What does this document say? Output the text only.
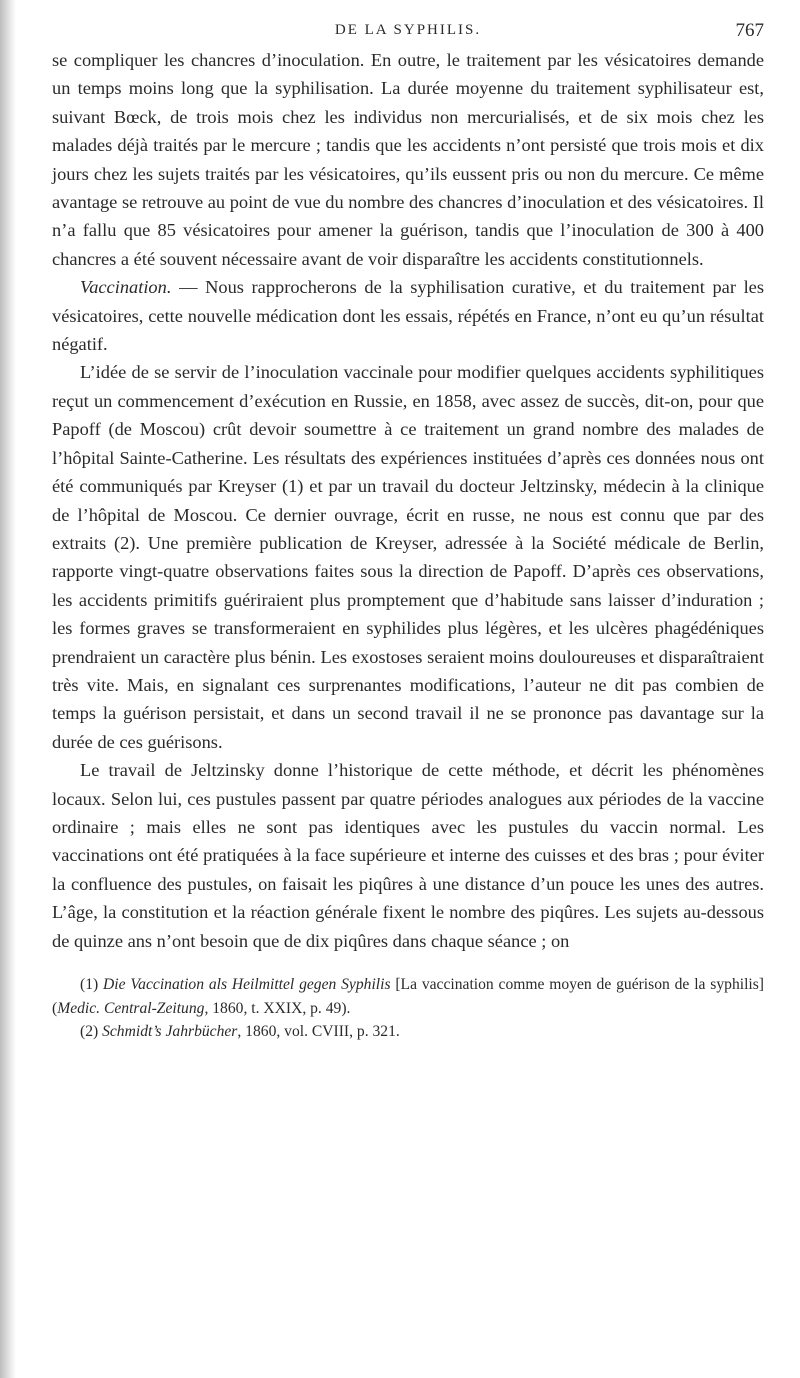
DE LA SYPHILIS.	767

se compliquer les chancres d’inoculation. En outre, le traitement par les vésicatoires demande un temps moins long que la syphilisation. La durée moyenne du traitement syphilisateur est, suivant Bœck, de trois mois chez les individus non mercurialisés, et de six mois chez les malades déjà traités par le mercure ; tandis que les accidents n’ont persisté que trois mois et dix jours chez les sujets traités par les vésicatoires, qu’ils eussent pris ou non du mercure. Ce même avantage se retrouve au point de vue du nombre des chancres d’inoculation et des vésicatoires. Il n’a fallu que 85 vésicatoires pour amener la guérison, tandis que l’inoculation de 300 à 400 chancres a été souvent nécessaire avant de voir disparaître les accidents constitutionnels.

Vaccination. — Nous rapprocherons de la syphilisation curative, et du traitement par les vésicatoires, cette nouvelle médication dont les essais, répétés en France, n’ont eu qu’un résultat négatif.

L’idée de se servir de l’inoculation vaccinale pour modifier quelques accidents syphilitiques reçut un commencement d’exécution en Russie, en 1858, avec assez de succès, dit-on, pour que Papoff (de Moscou) crût devoir soumettre à ce traitement un grand nombre des malades de l’hôpital Sainte-Catherine. Les résultats des expériences instituées d’après ces données nous ont été communiqués par Kreyser (1) et par un travail du docteur Jeltzinsky, médecin à la clinique de l’hôpital de Moscou. Ce dernier ouvrage, écrit en russe, ne nous est connu que par des extraits (2). Une première publication de Kreyser, adressée à la Société médicale de Berlin, rapporte vingt-quatre observations faites sous la direction de Papoff. D’après ces observations, les accidents primitifs guériraient plus promptement que d’habitude sans laisser d’induration ; les formes graves se transformeraient en syphilides plus légères, et les ulcères phagédéniques prendraient un caractère plus bénin. Les exostoses seraient moins douloureuses et disparaîtraient très vite. Mais, en signalant ces surprenantes modifications, l’auteur ne dit pas combien de temps la guérison persistait, et dans un second travail il ne se prononce pas davantage sur la durée de ces guérisons.

Le travail de Jeltzinsky donne l’historique de cette méthode, et décrit les phénomènes locaux. Selon lui, ces pustules passent par quatre périodes analogues aux périodes de la vaccine ordinaire ; mais elles ne sont pas identiques avec les pustules du vaccin normal. Les vaccinations ont été pratiquées à la face supérieure et interne des cuisses et des bras ; pour éviter la confluence des pustules, on faisait les piqûres à une distance d’un pouce les unes des autres. L’âge, la constitution et la réaction générale fixent le nombre des piqûres. Les sujets au-dessous de quinze ans n’ont besoin que de dix piqûres dans chaque séance ; on

(1) Die Vaccination als Heilmittel gegen Syphilis [La vaccination comme moyen de guérison de la syphilis] (Medic. Central-Zeitung, 1860, t. XXIX, p. 49).

(2) Schmidt’s Jahrbücher, 1860, vol. CVIII, p. 321.
